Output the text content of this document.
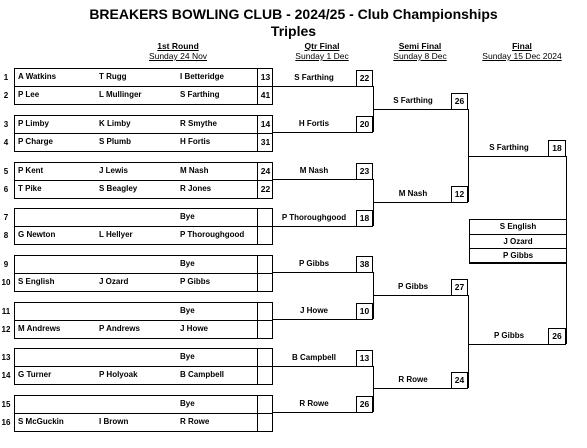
BREAKERS BOWLING CLUB - 2024/25 - Club Championships
Triples
1st Round
Sunday 24 Nov
Qtr Final
Sunday 1 Dec
Semi Final
Sunday 8 Dec
Final
Sunday 15 Dec 2024
1	A Watkins	T Rugg	I Betteridge	13
2	P Lee	L Mullinger	S Farthing	41
3	P Limby	K Limby	R Smythe	14
4	P Charge	S Plumb	H Fortis	31
5	P Kent	J Lewis	M Nash	24
6	T Pike	S Beagley	R Jones	22
7	Bye
8	G Newton	L Hellyer	P Thoroughgood
9	Bye
10 S English	J Ozard	P Gibbs
11	Bye
12 M Andrews	P Andrews	J Howe
13	Bye
14 G Turner	P Holyoak	B Campbell
15	Bye
16 S McGuckin	I Brown	R Rowe
S Farthing	22
H Fortis	20
M Nash	23
P Thoroughgood	18
P Gibbs	38
J Howe	10
B Campbell	13
R Rowe	26
S Farthing	26
M Nash	12
P Gibbs	27
R Rowe	24
S Farthing	18
P Gibbs	26
S English
J Ozard
P Gibbs
